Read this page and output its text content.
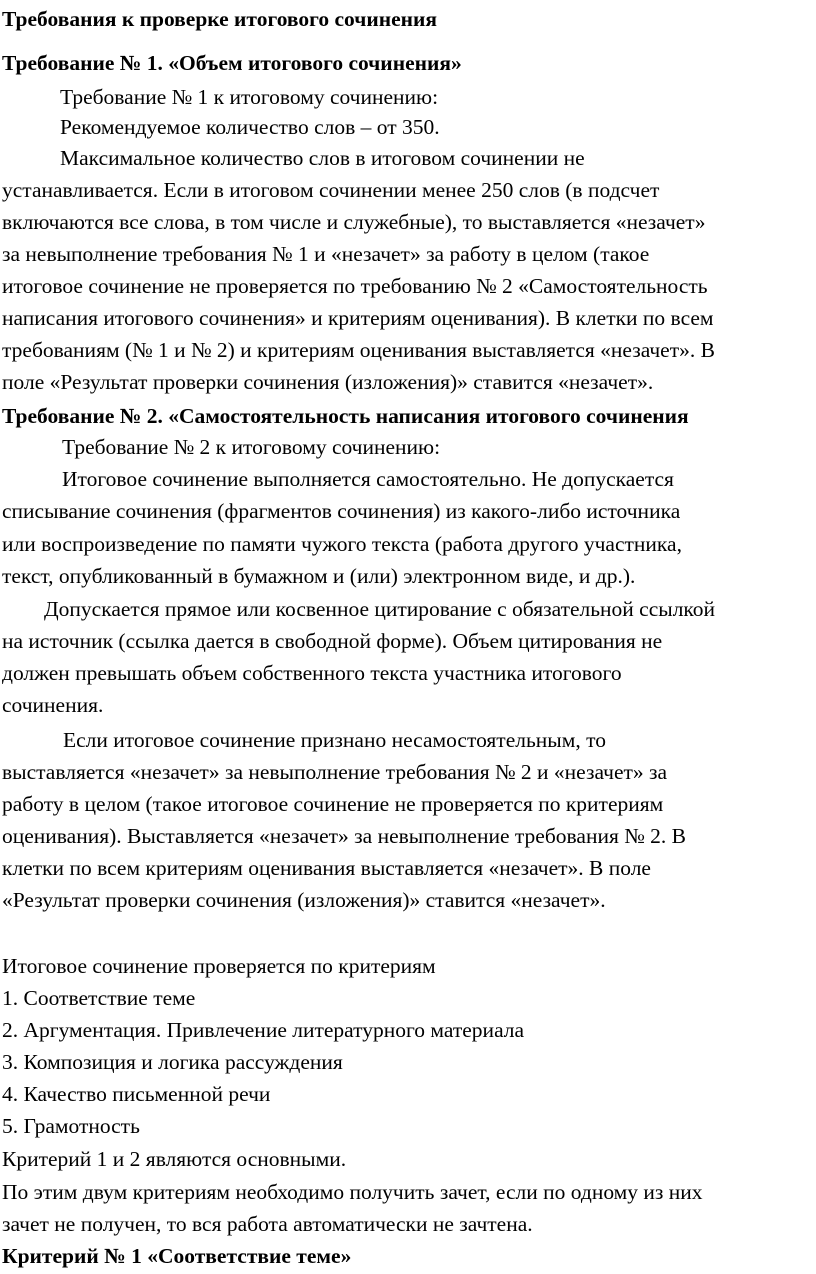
Требования к проверке итогового сочинения
Требование № 1. «Объем итогового сочинения»
Требование № 1 к итоговому сочинению:
Рекомендуемое количество слов – от 350.
Максимальное количество слов в итоговом сочинении не
устанавливается. Если в итоговом сочинении менее 250 слов (в подсчет
включаются все слова, в том числе и служебные), то выставляется «незачет»
за невыполнение требования № 1 и «незачет» за работу в целом (такое
итоговое сочинение не проверяется по требованию № 2 «Самостоятельность
написания итогового сочинения» и критериям оценивания). В клетки по всем
требованиям (№ 1 и № 2) и критериям оценивания выставляется «незачет». В
поле «Результат проверки сочинения (изложения)» ставится «незачет».
Требование № 2. «Самостоятельность написания итогового сочинения
Требование № 2 к итоговому сочинению:
Итоговое сочинение выполняется самостоятельно. Не допускается
списывание сочинения (фрагментов сочинения) из какого-либо источника
или воспроизведение по памяти чужого текста (работа другого участника,
текст, опубликованный в бумажном и (или) электронном виде, и др.).
Допускается прямое или косвенное цитирование с обязательной ссылкой
на источник (ссылка дается в свободной форме). Объем цитирования не
должен превышать объем собственного текста участника итогового
сочинения.
Если итоговое сочинение признано несамостоятельным, то
выставляется «незачет» за невыполнение требования № 2 и «незачет» за
работу в целом (такое итоговое сочинение не проверяется по критериям
оценивания). Выставляется «незачет» за невыполнение требования № 2. В
клетки по всем критериям оценивания выставляется «незачет». В поле
«Результат проверки сочинения (изложения)» ставится «незачет».
Итоговое сочинение проверяется по критериям
1. Соответствие теме
2. Аргументация. Привлечение литературного материала
3. Композиция и логика рассуждения
4. Качество письменной речи
5. Грамотность
Критерий 1 и 2 являются основными.
По этим двум критериям необходимо получить зачет, если по одному из них
зачет не получен, то вся работа автоматически не зачтена.
Критерий № 1 «Соответствие теме»
